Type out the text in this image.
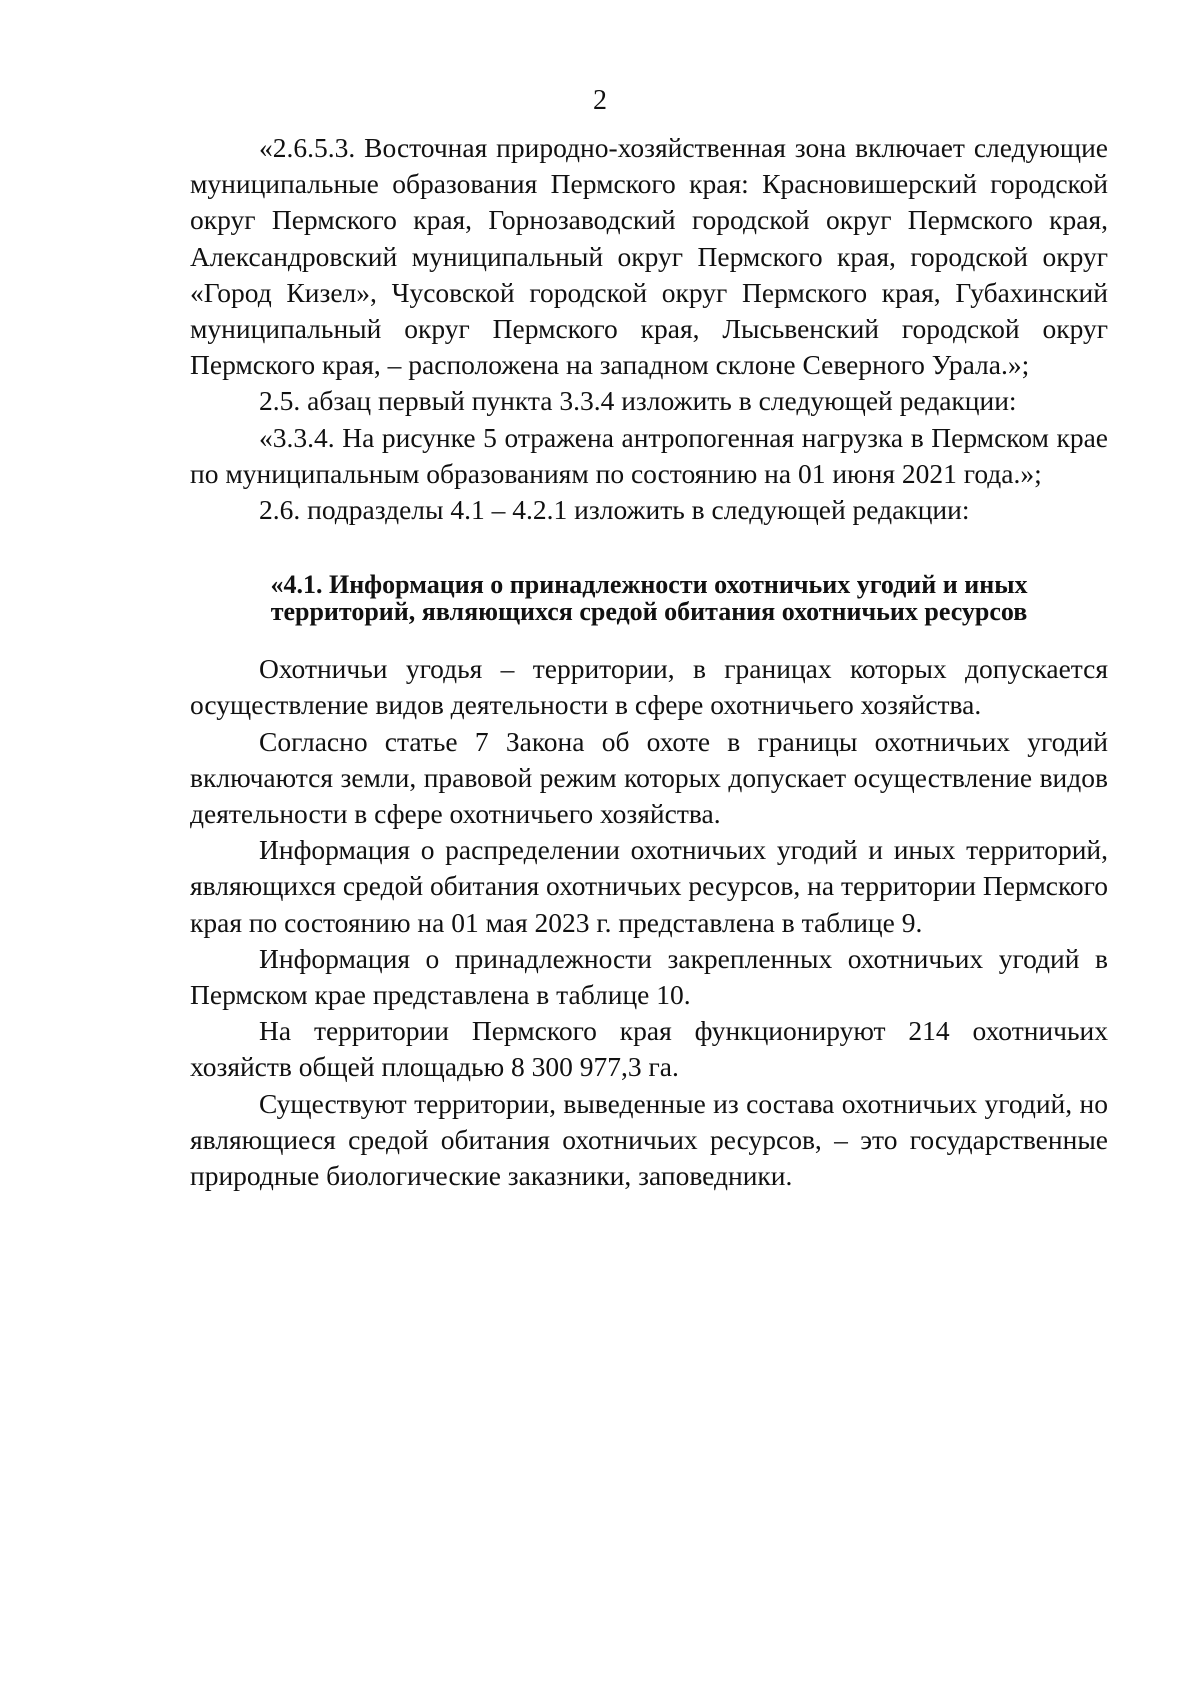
2

«2.6.5.3. Восточная природно-хозяйственная зона включает следующие муниципальные образования Пермского края: Красновишерский городской округ Пермского края, Горнозаводский городской округ Пермского края, Александровский муниципальный округ Пермского края, городской округ «Город Кизел», Чусовской городской округ Пермского края, Губахинский муниципальный округ Пермского края, Лысьвенский городской округ Пермского края, – расположена на западном склоне Северного Урала.»;

2.5. абзац первый пункта 3.3.4 изложить в следующей редакции:

«3.3.4. На рисунке 5 отражена антропогенная нагрузка в Пермском крае по муниципальным образованиям по состоянию на 01 июня 2021 года.»;

2.6. подразделы 4.1 – 4.2.1 изложить в следующей редакции:

«4.1. Информация о принадлежности охотничьих угодий и иных
территорий, являющихся средой обитания охотничьих ресурсов

Охотничьи угодья – территории, в границах которых допускается осуществление видов деятельности в сфере охотничьего хозяйства.

Согласно статье 7 Закона об охоте в границы охотничьих угодий включаются земли, правовой режим которых допускает осуществление видов деятельности в сфере охотничьего хозяйства.

Информация о распределении охотничьих угодий и иных территорий, являющихся средой обитания охотничьих ресурсов, на территории Пермского края по состоянию на 01 мая 2023 г. представлена в таблице 9.

Информация о принадлежности закрепленных охотничьих угодий в Пермском крае представлена в таблице 10.

На территории Пермского края функционируют 214 охотничьих хозяйств общей площадью 8 300 977,3 га.

Существуют территории, выведенные из состава охотничьих угодий, но являющиеся средой обитания охотничьих ресурсов, – это государственные природные биологические заказники, заповедники.
